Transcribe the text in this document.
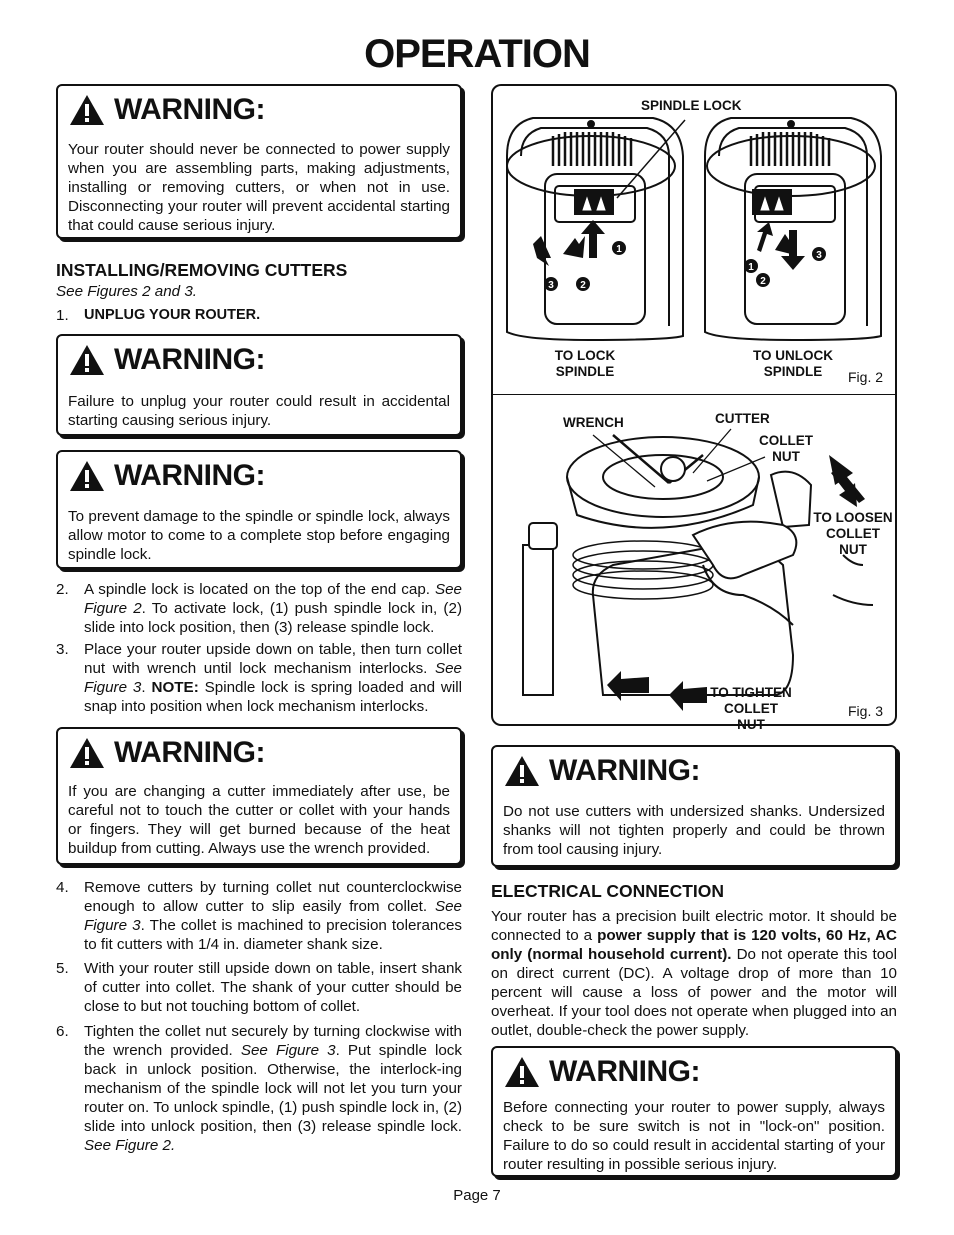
OPERATION
WARNING:
Your router should never be connected to power supply when you are assembling parts, making adjustments, installing or removing cutters, or when not in use. Disconnecting your router will prevent accidental starting that could cause serious injury.
INSTALLING/REMOVING CUTTERS
See Figures 2 and 3.
1. UNPLUG YOUR ROUTER.
WARNING:
Failure to unplug your router could result in accidental starting causing serious injury.
WARNING:
To prevent damage to the spindle or spindle lock, always allow motor to come to a complete stop before engaging spindle lock.
2. A spindle lock is located on the top of the end cap. See Figure 2. To activate lock, (1) push spindle lock in, (2) slide into lock position, then (3) release spindle lock.
3. Place your router upside down on table, then turn collet nut with wrench until lock mechanism interlocks. See Figure 3. NOTE: Spindle lock is spring loaded and will snap into position when lock mechanism interlocks.
WARNING:
If you are changing a cutter immediately after use, be careful not to touch the cutter or collet with your hands or fingers. They will get burned because of the heat buildup from cutting. Always use the wrench provided.
4. Remove cutters by turning collet nut counterclockwise enough to allow cutter to slip easily from collet. See Figure 3. The collet is machined to precision tolerances to fit cutters with 1/4 in. diameter shank size.
5. With your router still upside down on table, insert shank of cutter into collet. The shank of your cutter should be close to but not touching bottom of collet.
6. Tighten the collet nut securely by turning clockwise with the wrench provided. See Figure 3. Put spindle lock back in unlock position. Otherwise, the interlock-ing mechanism of the spindle lock will not let you turn your router on. To unlock spindle, (1) push spindle lock in, (2) slide into unlock position, then (3) release spindle lock. See Figure 2.
1
3	2
1
2
3
SPINDLE LOCK
TO LOCK
SPINDLE
TO UNLOCK
SPINDLE	Fig. 2
WRENCH	CUTTER
COLLET
NUT
TO LOOSEN
COLLET NUT
TO TIGHTEN
COLLET NUT
Fig. 3
WARNING:
Do not use cutters with undersized shanks. Undersized shanks will not tighten properly and could be thrown from tool causing injury.
ELECTRICAL CONNECTION
Your router has a precision built electric motor. It should be connected to a power supply that is 120 volts, 60 Hz, AC only (normal household current). Do not operate this tool on direct current (DC). A voltage drop of more than 10 percent will cause a loss of power and the motor will overheat. If your tool does not operate when plugged into an outlet, double-check the power supply.
WARNING:
Before connecting your router to power supply, always check to be sure switch is not in "lock-on" position. Failure to do so could result in accidental starting of your router resulting in possible serious injury.
Page 7
